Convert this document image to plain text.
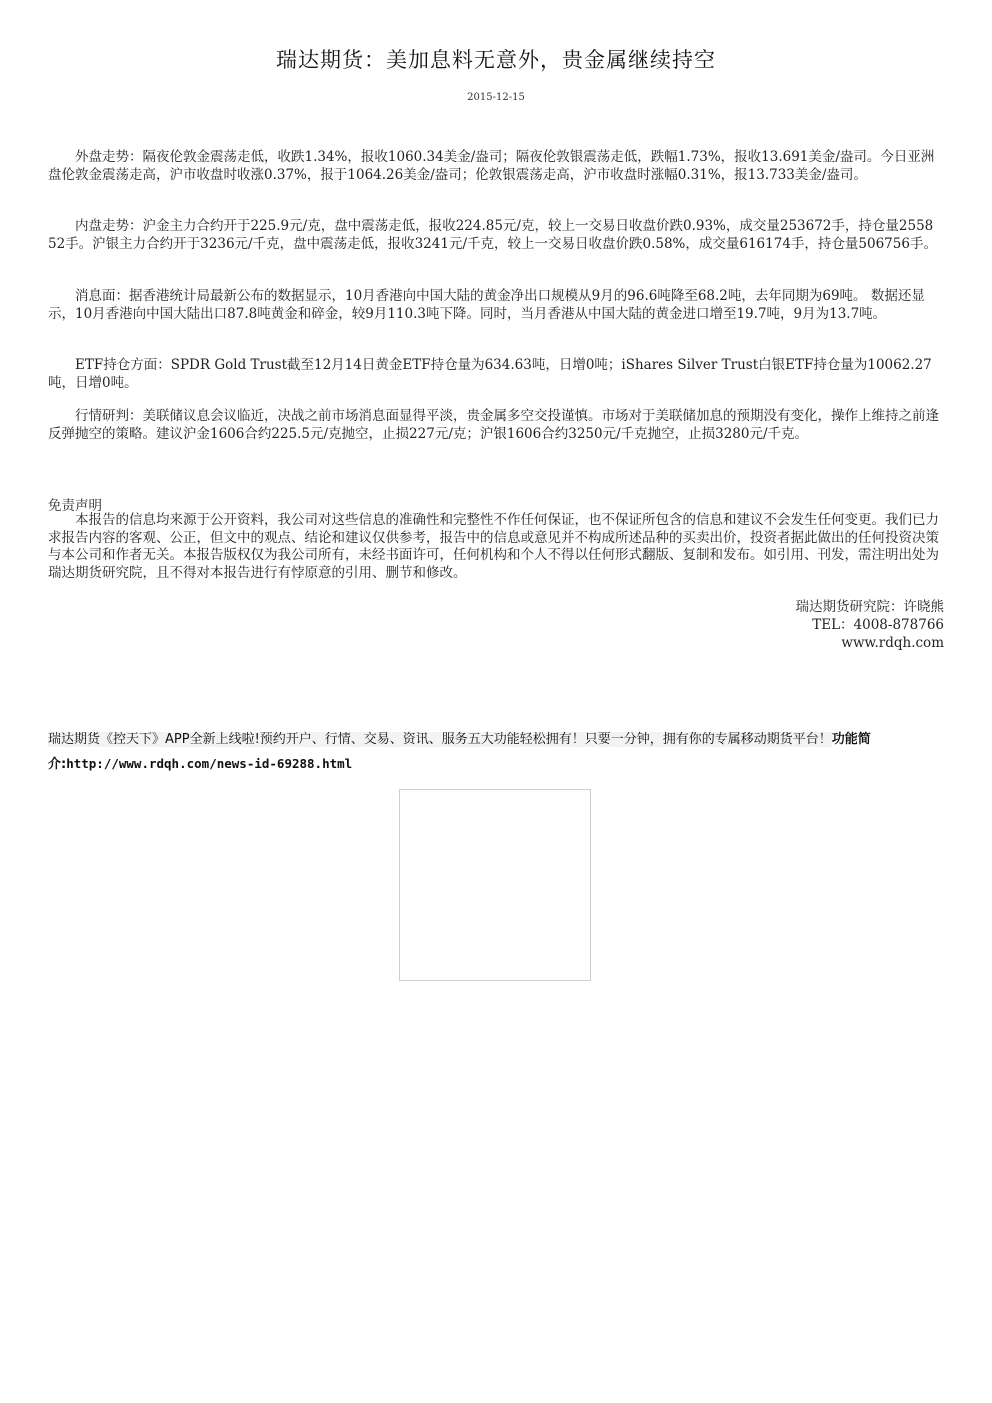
瑞达期货：美加息料无意外，贵金属继续持空
2015-12-15

外盘走势：隔夜伦敦金震荡走低，收跌1.34%，报收1060.34美金/盎司；隔夜伦敦银震荡走低，跌幅1.73%，报收13.691美金/盎司。今日亚洲盘伦敦金震荡走高，沪市收盘时收涨0.37%，报于1064.26美金/盎司；伦敦银震荡走高，沪市收盘时涨幅0.31%，报13.733美金/盎司。

内盘走势：沪金主力合约开于225.9元/克，盘中震荡走低，报收224.85元/克，较上一交易日收盘价跌0.93%，成交量253672手，持仓量255852手。沪银主力合约开于3236元/千克，盘中震荡走低，报收3241元/千克，较上一交易日收盘价跌0.58%，成交量616174手，持仓量506756手。

消息面：据香港统计局最新公布的数据显示，10月香港向中国大陆的黄金净出口规模从9月的96.6吨降至68.2吨，去年同期为69吨。 数据还显示，10月香港向中国大陆出口87.8吨黄金和碎金，较9月110.3吨下降。同时，当月香港从中国大陆的黄金进口增至19.7吨，9月为13.7吨。

ETF持仓方面：SPDR Gold Trust截至12月14日黄金ETF持仓量为634.63吨，日增0吨；iShares Silver Trust白银ETF持仓量为10062.27吨，日增0吨。

行情研判：美联储议息会议临近，决战之前市场消息面显得平淡，贵金属多空交投谨慎。市场对于美联储加息的预期没有变化，操作上维持之前逢反弹抛空的策略。建议沪金1606合约225.5元/克抛空，止损227元/克；沪银1606合约3250元/千克抛空，止损3280元/千克。

免责声明

本报告的信息均来源于公开资料，我公司对这些信息的准确性和完整性不作任何保证，也不保证所包含的信息和建议不会发生任何变更。我们已力求报告内容的客观、公正，但文中的观点、结论和建议仅供参考，报告中的信息或意见并不构成所述品种的买卖出价，投资者据此做出的任何投资决策与本公司和作者无关。本报告版权仅为我公司所有，未经书面许可，任何机构和个人不得以任何形式翻版、复制和发布。如引用、刊发，需注明出处为瑞达期货研究院，且不得对本报告进行有悖原意的引用、删节和修改。

瑞达期货研究院：许晓熊
TEL：4008-878766
www.rdqh.com
瑞达期货《控天下》APP全新上线啦!预约开户、行情、交易、资讯、服务五大功能轻松拥有！只要一分钟，拥有你的专属移动期货平台！功能简介:http://www.rdqh.com/news-id-69288.html
